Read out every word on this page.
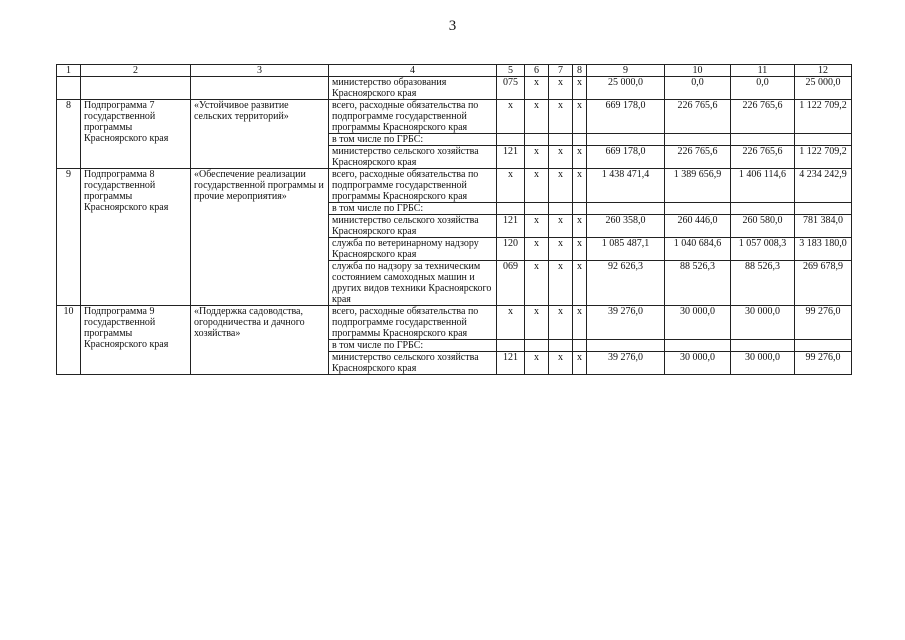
3
1	2	3	4	5	6	7	8	9	10	11	12
			министерство образования Красноярского края	075	х	х	х	25 000,0	0,0	0,0	25 000,0
8	Подпрограмма 7 государственной программы Красноярского края	«Устойчивое развитие сельских территорий»	всего, расходные обязательства по подпрограмме государственной программы Красноярского края	х	х	х	х	669 178,0	226 765,6	226 765,6	1 122 709,2
			в том числе по ГРБС:								
			министерство сельского хозяйства Красноярского края	121	х	х	х	669 178,0	226 765,6	226 765,6	1 122 709,2
9	Подпрограмма 8 государственной программы Красноярского края	«Обеспечение реализации государственной программы и прочие мероприятия»	всего, расходные обязательства по подпрограмме государственной программы Красноярского края	х	х	х	х	1 438 471,4	1 389 656,9	1 406 114,6	4 234 242,9
			в том числе по ГРБС:								
			министерство сельского хозяйства Красноярского края	121	х	х	х	260 358,0	260 446,0	260 580,0	781 384,0
			служба по ветеринарному надзору Красноярского края	120	х	х	х	1 085 487,1	1 040 684,6	1 057 008,3	3 183 180,0
			служба по надзору за техническим состоянием самоходных машин и других видов техники Красноярского края	069	х	х	х	92 626,3	88 526,3	88 526,3	269 678,9
10	Подпрограмма 9 государственной программы Красноярского края	«Поддержка садоводства, огородничества и дачного хозяйства»	всего, расходные обязательства по подпрограмме государственной программы Красноярского края	х	х	х	х	39 276,0	30 000,0	30 000,0	99 276,0
			в том числе по ГРБС:								
			министерство сельского хозяйства Красноярского края	121	х	х	х	39 276,0	30 000,0	30 000,0	99 276,0
